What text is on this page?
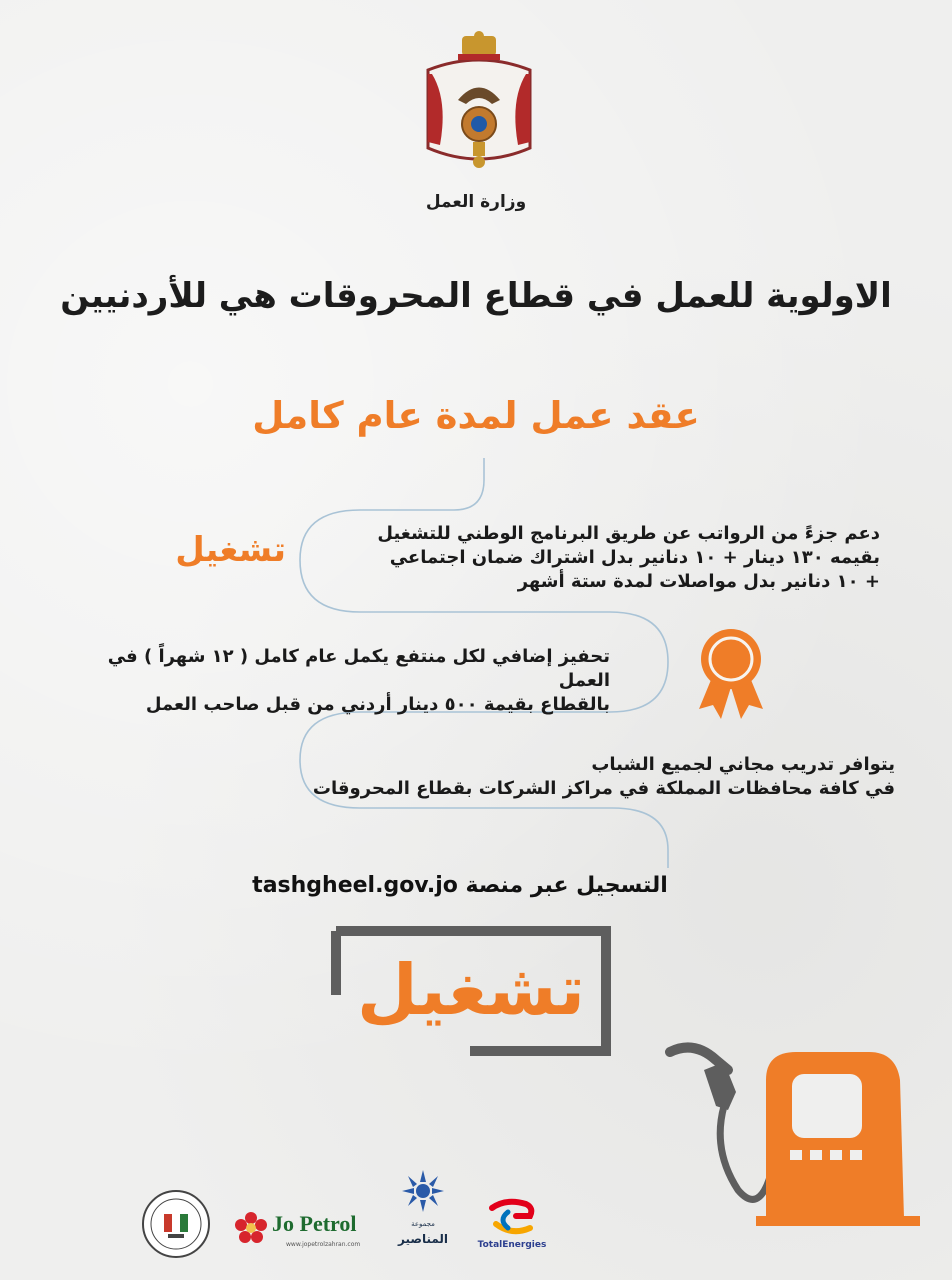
وزارة العمل
الاولوية للعمل في قطاع المحروقات هي للأردنيين
عقد عمل لمدة عام كامل
دعم جزءً من الرواتب عن طريق البرنامج الوطني للتشغيل
بقيمه ١٣٠ دينار + ١٠ دنانير بدل اشتراك ضمان اجتماعي
+ ١٠ دنانير بدل مواصلات لمدة ستة أشهر
تشغيل
تحفيز إضافي لكل منتفع يكمل عام كامل ( ١٢ شهراً ) في العمل
بالقطاع بقيمة ٥٠٠ دينار أردني من قبل صاحب العمل
يتوافر تدريب مجاني لجميع الشباب
في كافة محافظات المملكة في مراكز الشركات بقطاع المحروقات
التسجيل عبر منصة tashgheel.gov.jo
تشغيل
Jo Petrol
www.jopetrolzahran.com
مجموعة
المناصير	TotalEnergies
